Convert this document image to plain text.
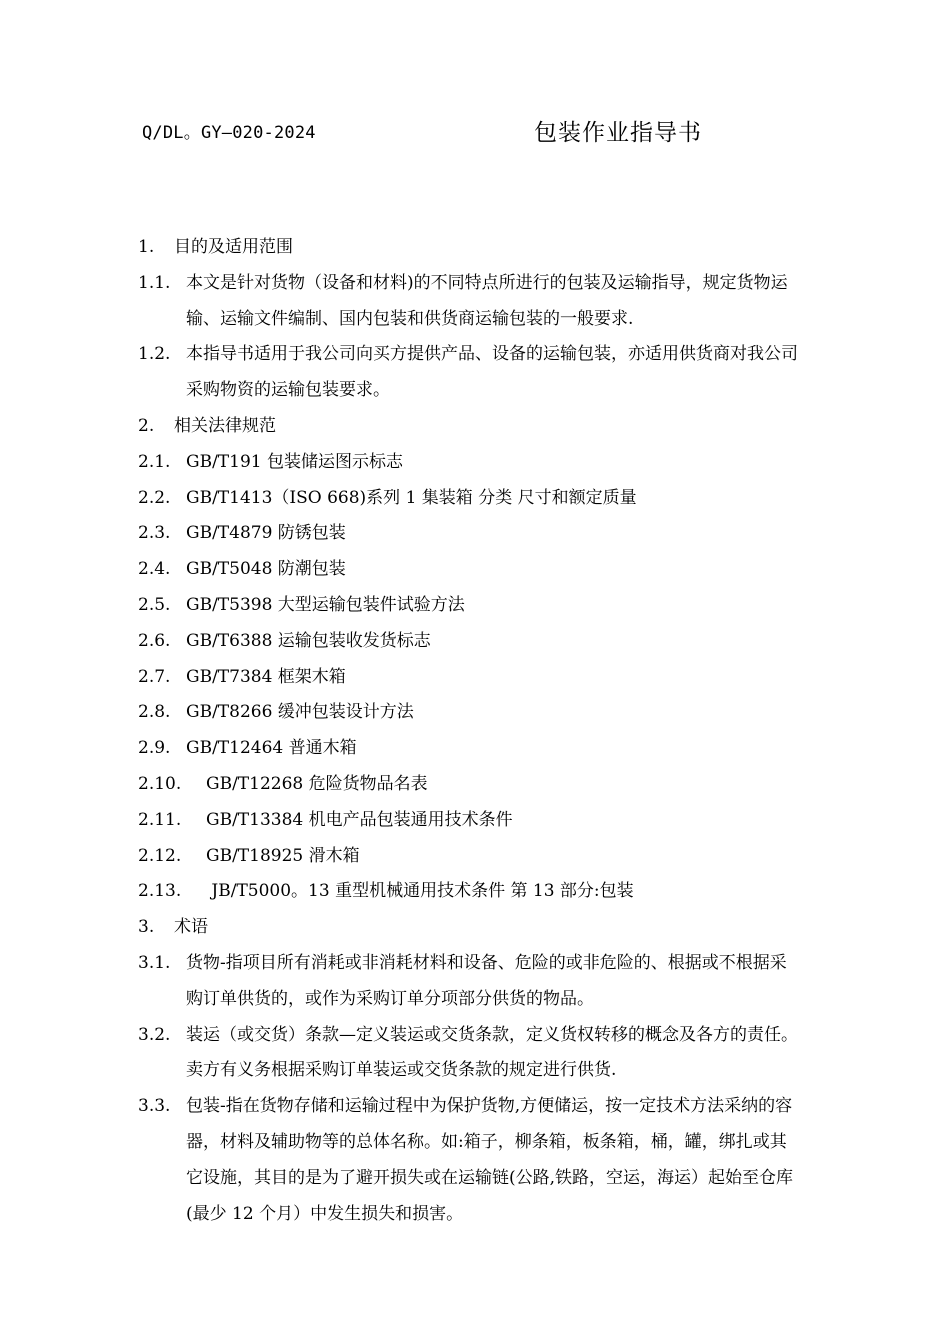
Q/DL。GY—020-2024	包装作业指导书
1. 目的及适用范围
1.1. 本文是针对货物（设备和材料)的不同特点所进行的包装及运输指导，规定货物运
输、运输文件编制、国内包装和供货商运输包装的一般要求.
1.2. 本指导书适用于我公司向买方提供产品、设备的运输包装，亦适用供货商对我公司
采购物资的运输包装要求。
2. 相关法律规范
2.1. GB/T191 包装储运图示标志
2.2. GB/T1413（ISO 668)系列 1 集装箱 分类 尺寸和额定质量
2.3. GB/T4879 防锈包装
2.4. GB/T5048 防潮包装
2.5. GB/T5398 大型运输包装件试验方法
2.6. GB/T6388 运输包装收发货标志
2.7. GB/T7384 框架木箱
2.8. GB/T8266 缓冲包装设计方法
2.9. GB/T12464 普通木箱
2.10. GB/T12268 危险货物品名表
2.11. GB/T13384 机电产品包装通用技术条件
2.12. GB/T18925 滑木箱
2.13. JB/T5000。13 重型机械通用技术条件 第 13 部分:包装
3. 术语
3.1. 货物-指项目所有消耗或非消耗材料和设备、危险的或非危险的、根据或不根据采
购订单供货的，或作为采购订单分项部分供货的物品。
3.2. 装运（或交货）条款—定义装运或交货条款，定义货权转移的概念及各方的责任。
卖方有义务根据采购订单装运或交货条款的规定进行供货.
3.3. 包装-指在货物存储和运输过程中为保护货物,方便储运，按一定技术方法采纳的容
器，材料及辅助物等的总体名称。如:箱子，柳条箱，板条箱，桶，罐，绑扎或其
它设施，其目的是为了避开损失或在运输链(公路,铁路，空运，海运）起始至仓库
(最少 12 个月）中发生损失和损害。
